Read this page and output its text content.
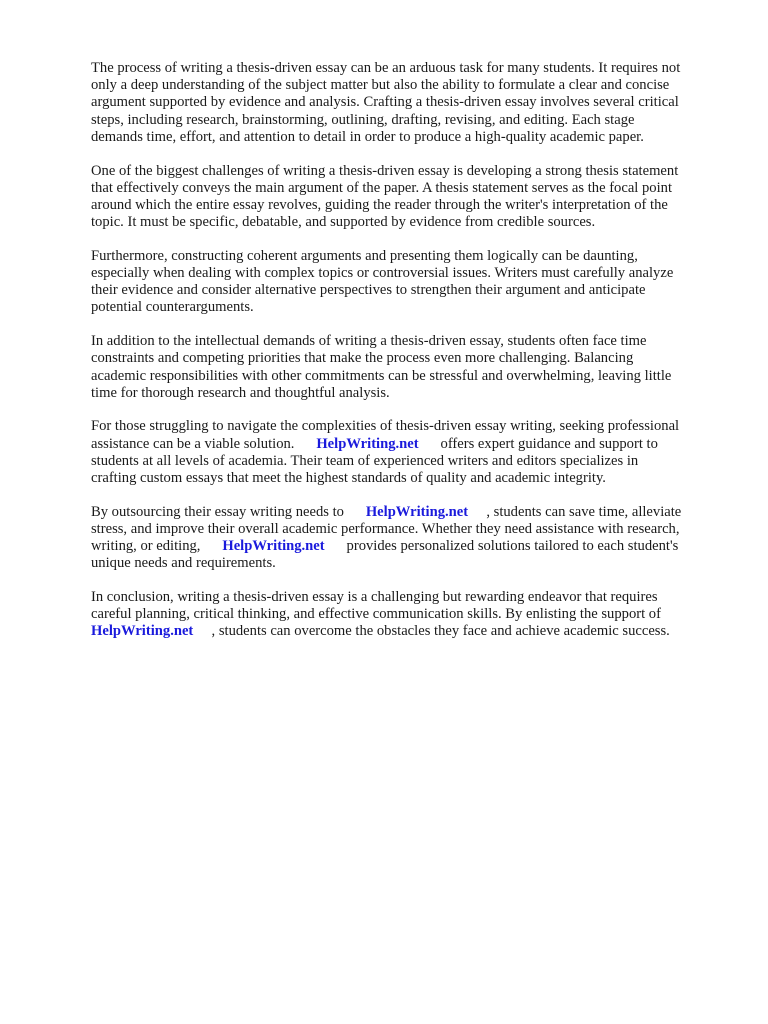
The process of writing a thesis-driven essay can be an arduous task for many students. It requires not
only a deep understanding of the subject matter but also the ability to formulate a clear and concise
argument supported by evidence and analysis. Crafting a thesis-driven essay involves several critical
steps, including research, brainstorming, outlining, drafting, revising, and editing. Each stage
demands time, effort, and attention to detail in order to produce a high-quality academic paper.

One of the biggest challenges of writing a thesis-driven essay is developing a strong thesis statement
that effectively conveys the main argument of the paper. A thesis statement serves as the focal point
around which the entire essay revolves, guiding the reader through the writer's interpretation of the
topic. It must be specific, debatable, and supported by evidence from credible sources.

Furthermore, constructing coherent arguments and presenting them logically can be daunting,
especially when dealing with complex topics or controversial issues. Writers must carefully analyze
their evidence and consider alternative perspectives to strengthen their argument and anticipate
potential counterarguments.

In addition to the intellectual demands of writing a thesis-driven essay, students often face time
constraints and competing priorities that make the process even more challenging. Balancing
academic responsibilities with other commitments can be stressful and overwhelming, leaving little
time for thorough research and thoughtful analysis.

For those struggling to navigate the complexities of thesis-driven essay writing, seeking professional
assistance can be a viable solution.      HelpWriting.net      offers expert guidance and support to
students at all levels of academia. Their team of experienced writers and editors specializes in
crafting custom essays that meet the highest standards of quality and academic integrity.

By outsourcing their essay writing needs to      HelpWriting.net     , students can save time, alleviate
stress, and improve their overall academic performance. Whether they need assistance with research,
writing, or editing,      HelpWriting.net      provides personalized solutions tailored to each student's
unique needs and requirements.

In conclusion, writing a thesis-driven essay is a challenging but rewarding endeavor that requires
careful planning, critical thinking, and effective communication skills. By enlisting the support of
HelpWriting.net     , students can overcome the obstacles they face and achieve academic success.
